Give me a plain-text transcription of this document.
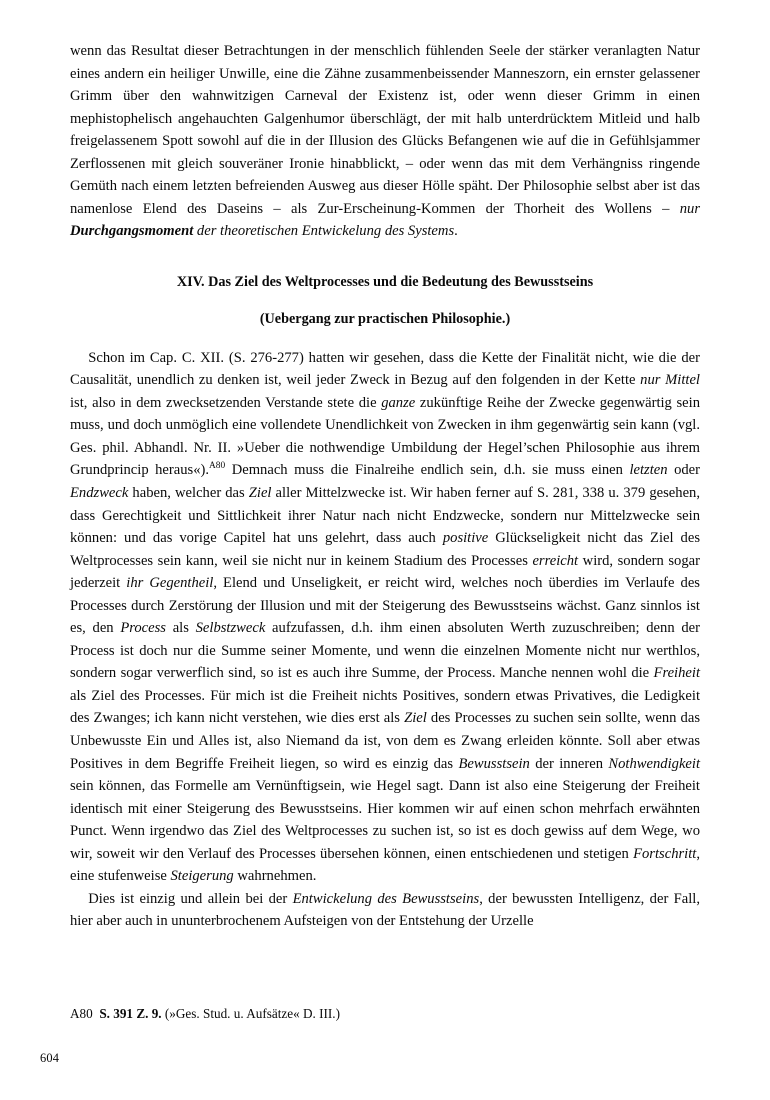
wenn das Resultat dieser Betrachtungen in der menschlich fühlenden Seele der stärker veranlagten Natur eines andern ein heiliger Unwille, eine die Zähne zusammenbeissender Manneszorn, ein ernster gelassener Grimm über den wahnwitzigen Carneval der Existenz ist, oder wenn dieser Grimm in einen mephistophelisch angehauchten Galgenhumor überschlägt, der mit halb unterdrücktem Mitleid und halb freigelassenem Spott sowohl auf die in der Illusion des Glücks Befangenen wie auf die in Gefühlsjammer Zerflossenen mit gleich souveräner Ironie hinabblickt, – oder wenn das mit dem Verhängniss ringende Gemüth nach einem letzten befreienden Ausweg aus dieser Hölle späht. Der Philosophie selbst aber ist das namenlose Elend des Daseins – als Zur-Erscheinung-Kommen der Thorheit des Wollens – nur Durchgangsmoment der theoretischen Entwickelung des Systems.

XIV. Das Ziel des Weltprocesses und die Bedeutung des Bewusstseins
(Uebergang zur practischen Philosophie.)

Schon im Cap. C. XII. (S. 276-277) hatten wir gesehen, dass die Kette der Finalität nicht, wie die der Causalität, unendlich zu denken ist, weil jeder Zweck in Bezug auf den folgenden in der Kette nur Mittel ist, also in dem zwecksetzenden Verstande stete die ganze zukünftige Reihe der Zwecke gegenwärtig sein muss, und doch unmöglich eine vollendete Unendlichkeit von Zwecken in ihm gegenwärtig sein kann (vgl. Ges. phil. Abhandl. Nr. II. »Ueber die nothwendige Umbildung der Hegel’schen Philosophie aus ihrem Grundprincip heraus«).$^{A80}$ Demnach muss die Finalreihe endlich sein, d.h. sie muss einen letzten oder Endzweck haben, welcher das Ziel aller Mittelzwecke ist. Wir haben ferner auf S. 281, 338 u. 379 gesehen, dass Gerechtigkeit und Sittlichkeit ihrer Natur nach nicht Endzwecke, sondern nur Mittelzwecke sein können: und das vorige Capitel hat uns gelehrt, dass auch positive Glückseligkeit nicht das Ziel des Weltprocesses sein kann, weil sie nicht nur in keinem Stadium des Processes erreicht wird, sondern sogar jederzeit ihr Gegentheil, Elend und Unseligkeit, er reicht wird, welches noch überdies im Verlaufe des Processes durch Zerstörung der Illusion und mit der Steigerung des Bewusstseins wächst. Ganz sinnlos ist es, den Process als Selbstzweck aufzufassen, d.h. ihm einen absoluten Werth zuzuschreiben; denn der Process ist doch nur die Summe seiner Momente, und wenn die einzelnen Momente nicht nur werthlos, sondern sogar verwerflich sind, so ist es auch ihre Summe, der Process. Manche nennen wohl die Freiheit als Ziel des Processes. Für mich ist die Freiheit nichts Positives, sondern etwas Privatives, die Ledigkeit des Zwanges; ich kann nicht verstehen, wie dies erst als Ziel des Processes zu suchen sein sollte, wenn das Unbewusste Ein und Alles ist, also Niemand da ist, von dem es Zwang erleiden könnte. Soll aber etwas Positives in dem Begriffe Freiheit liegen, so wird es einzig das Bewusstsein der inneren Nothwendigkeit sein können, das Formelle am Vernünftigsein, wie Hegel sagt. Dann ist also eine Steigerung der Freiheit identisch mit einer Steigerung des Bewusstseins. Hier kommen wir auf einen schon mehrfach erwähnten Punct. Wenn irgendwo das Ziel des Weltprocesses zu suchen ist, so ist es doch gewiss auf dem Wege, wo wir, soweit wir den Verlauf des Processes übersehen können, einen entschiedenen und stetigen Fortschritt, eine stufenweise Steigerung wahrnehmen.

Dies ist einzig und allein bei der Entwickelung des Bewusstseins, der bewussten Intelligenz, der Fall, hier aber auch in ununterbrochenem Aufsteigen von der Entstehung der Urzelle

A80  S. 391 Z. 9. (»Ges. Stud. u. Aufsätze« D. III.)
604
